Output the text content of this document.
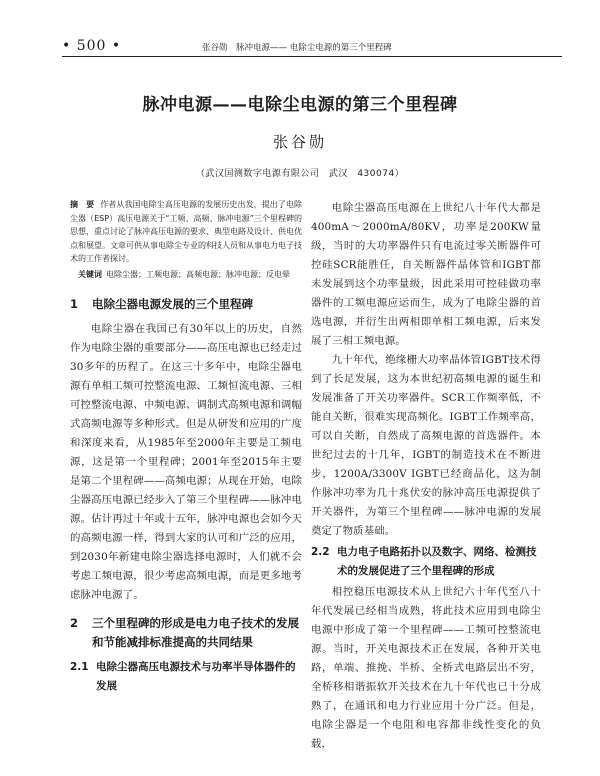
• 500 •	张谷勋　脉冲电源—— 电除尘电源的第三个里程碑
脉冲电源——电除尘电源的第三个里程碑
张谷勋
（武汉国测数字电源有限公司　武汉　430074）

摘　要 作者从我国电除尘高压电源的发展历史出发，提出了电除尘器（ESP）高压电源关于“工频、高频、脉冲电源”三个里程碑的思想，重点讨论了脉冲高压电源的要求、典型电路及设计、供电优点和展望。文章可供从事电除尘专业的科技人员和从事电力电子技术的工作者探讨。

关键词 电除尘器；工频电源；高频电源；脉冲电源；反电晕

1	电除尘器电源发展的三个里程碑

电除尘器在我国已有30年以上的历史，自然作为电除尘器的重要部分——高压电源也已经走过30多年的历程了。在这三十多年中，电除尘器电源有单相工频可控整流电源、工频恒流电源、三相可控整流电源、中频电源、调制式高频电源和调幅式高频电源等多种形式。但是从研发和应用的广度和深度来看，从1985年至2000年主要是工频电源，这是第一个里程碑；2001年至2015年主要是第二个里程碑——高频电源；从现在开始，电除尘器高压电源已经步入了第三个里程碑——脉冲电源。估计再过十年或十五年，脉冲电源也会如今天的高频电源一样，得到大家的认可和广泛的应用，到2030年新建电除尘器选择电源时，人们就不会考虑工频电源，很少考虑高频电源，而是更多地考虑脉冲电源了。

2	三个里程碑的形成是电力电子技术的发展和节能减排标准提高的共同结果
2.1 电除尘器高压电源技术与功率半导体器件的发展

电除尘器高压电源在上世纪八十年代大都是400mA～2000mA/80KV，功率是200KW量级，当时的大功率器件只有电流过零关断器件可控硅SCR能胜任，自关断器件晶体管和IGBT都未发展到这个功率量级，因此采用可控硅做功率器件的工频电源应运而生，成为了电除尘器的首选电源，并衍生出两相即单相工频电源，后来发展了三相工频电源。

九十年代，绝缘栅大功率晶体管IGBT技术得到了长足发展，这为本世纪初高频电源的诞生和发展准备了开关功率器件。SCR工作频率低，不能自关断，很难实现高频化。IGBT工作频率高，可以自关断，自然成了高频电源的首选器件。本世纪过去的十几年，IGBT的制造技术在不断进步，1200A/3300V IGBT已经商品化，这为制作脉冲功率为几十兆伏安的脉冲高压电源提供了开关器件，为第三个里程碑——脉冲电源的发展奠定了物质基础。

2.2 电力电子电路拓扑以及数字、网络、检测技术的发展促进了三个里程碑的形成

相控稳压电源技术从上世纪六十年代至八十年代发展已经相当成熟，将此技术应用到电除尘电源中形成了第一个里程碑——工频可控整流电源。当时，开关电源技术正在发展，各种开关电路，单端、推挽、半桥、全桥式电路层出不穷，全桥移相谐振软开关技术在九十年代也已十分成熟了，在通讯和电力行业应用十分广泛。但是，电除尘器是一个电阻和电容都非线性变化的负载，
